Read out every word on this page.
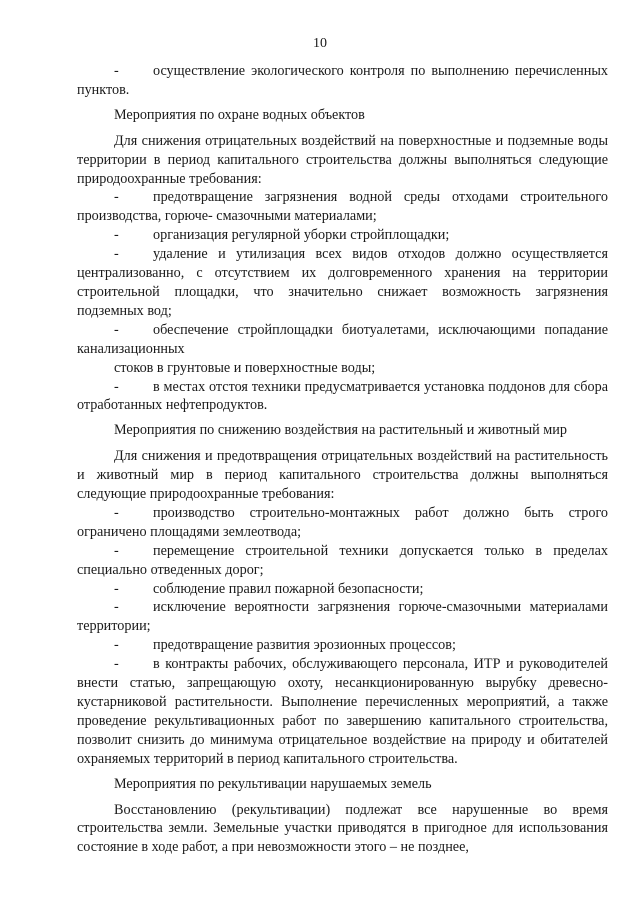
10

- осуществление экологического контроля по выполнению перечисленных пунктов.

Мероприятия по охране водных объектов

Для снижения отрицательных воздействий на поверхностные и подземные воды территории в период капитального строительства должны выполняться следующие природоохранные требования:

- предотвращение загрязнения водной среды отходами строительного производства, горюче- смазочными материалами;

- организация регулярной уборки стройплощадки;

- удаление и утилизация всех видов отходов должно осуществляется централизованно, с отсутствием их долговременного хранения на территории строительной площадки, что значительно снижает возможность загрязнения подземных вод;

- обеспечение стройплощадки биотуалетами, исключающими попадание канализационных

стоков в грунтовые и поверхностные воды;

- в местах отстоя техники предусматривается установка поддонов для сбора отработанных нефтепродуктов.

Мероприятия по снижению воздействия на растительный и животный мир

Для снижения и предотвращения отрицательных воздействий на растительность и животный мир в период капитального строительства должны выполняться следующие природоохранные требования:

- производство строительно-монтажных работ должно быть строго ограничено площадями землеотвода;

- перемещение строительной техники допускается только в пределах специально отведенных дорог;

- соблюдение правил пожарной безопасности;

- исключение вероятности загрязнения горюче-смазочными материалами территории;

- предотвращение развития эрозионных процессов;

- в контракты рабочих, обслуживающего персонала, ИТР и руководителей внести статью, запрещающую охоту, несанкционированную вырубку древесно-кустарниковой растительности. Выполнение перечисленных мероприятий, а также проведение рекультивационных работ по завершению капитального строительства, позволит снизить до минимума отрицательное воздействие на природу и обитателей охраняемых территорий в период капитального строительства.

Мероприятия по рекультивации нарушаемых земель

Восстановлению (рекультивации) подлежат все нарушенные во время строительства земли. Земельные участки приводятся в пригодное для использования состояние в ходе работ, а при невозможности этого – не позднее,
